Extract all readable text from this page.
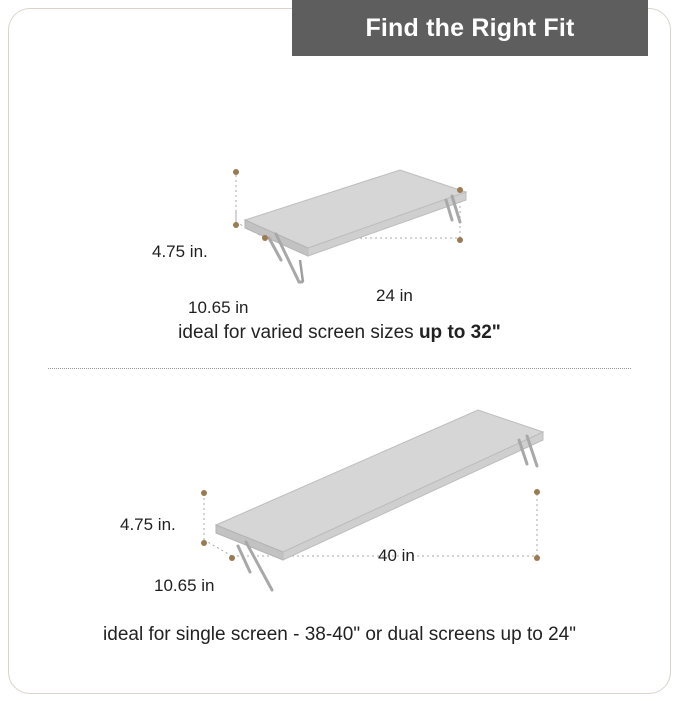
Find the Right Fit
4.75 in.
10.65 in
24 in
ideal for varied screen sizes up to 32"
ideal for single screen - 38-40" or dual screens up to 24"
4.75 in.
10.65 in
40 in
